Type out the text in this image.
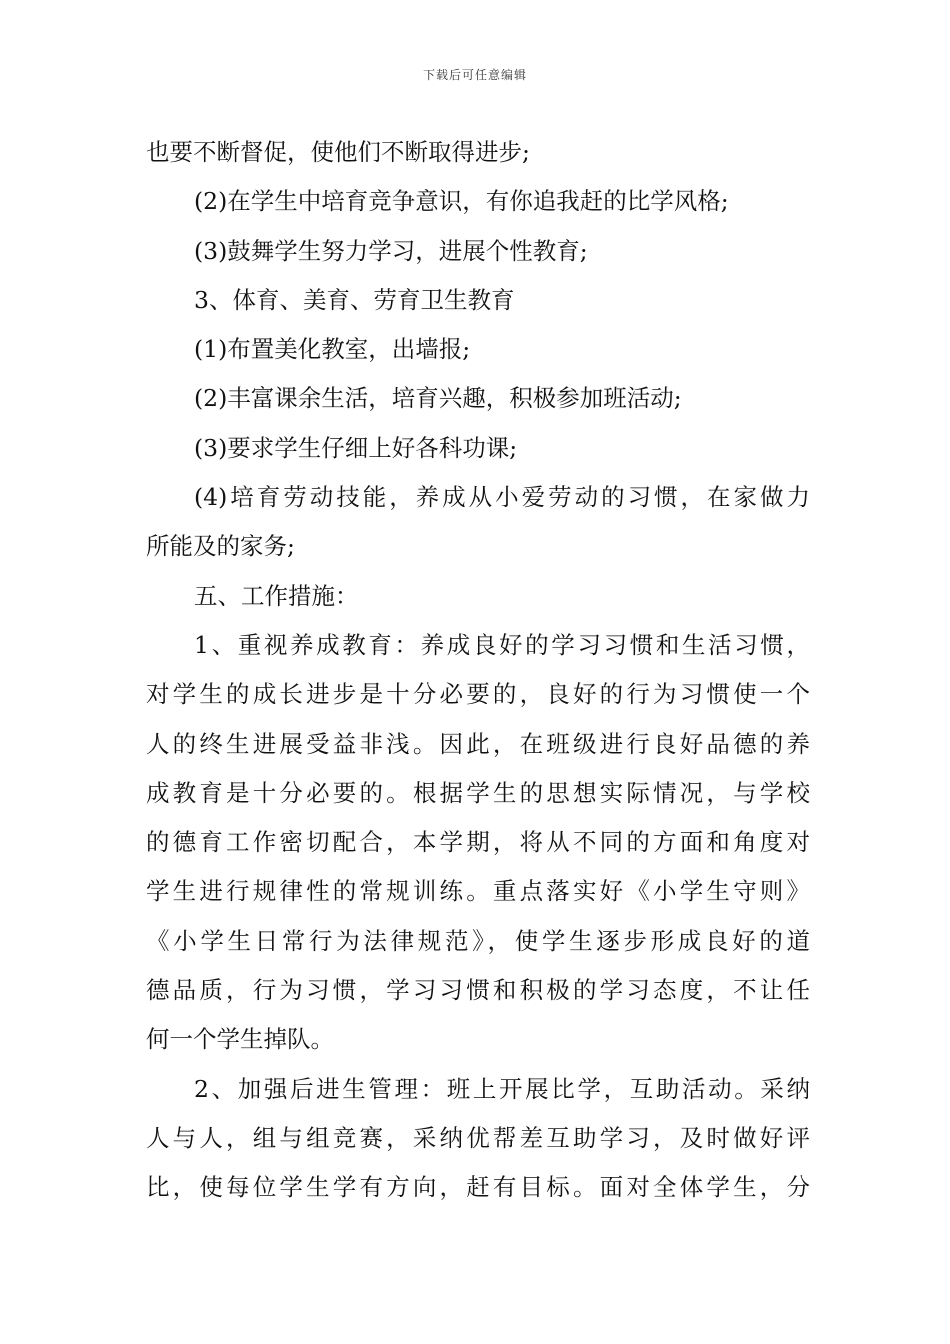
下载后可任意编辑
也要不断督促，使他们不断取得进步;
(2)在学生中培育竞争意识，有你追我赶的比学风格;
(3)鼓舞学生努力学习，进展个性教育;
3、体育、美育、劳育卫生教育
(1)布置美化教室，出墙报;
(2)丰富课余生活，培育兴趣，积极参加班活动;
(3)要求学生仔细上好各科功课;
(4)培育劳动技能，养成从小爱劳动的习惯，在家做力
所能及的家务;
五、工作措施：
1、重视养成教育：养成良好的学习习惯和生活习惯，
对学生的成长进步是十分必要的，良好的行为习惯使一个
人的终生进展受益非浅。因此，在班级进行良好品德的养
成教育是十分必要的。根据学生的思想实际情况，与学校
的德育工作密切配合，本学期，将从不同的方面和角度对
学生进行规律性的常规训练。重点落实好《小学生守则》
《小学生日常行为法律规范》，使学生逐步形成良好的道
德品质，行为习惯，学习习惯和积极的学习态度，不让任
何一个学生掉队。
2、加强后进生管理：班上开展比学，互助活动。采纳
人与人，组与组竞赛，采纳优帮差互助学习，及时做好评
比，使每位学生学有方向，赶有目标。面对全体学生，分
